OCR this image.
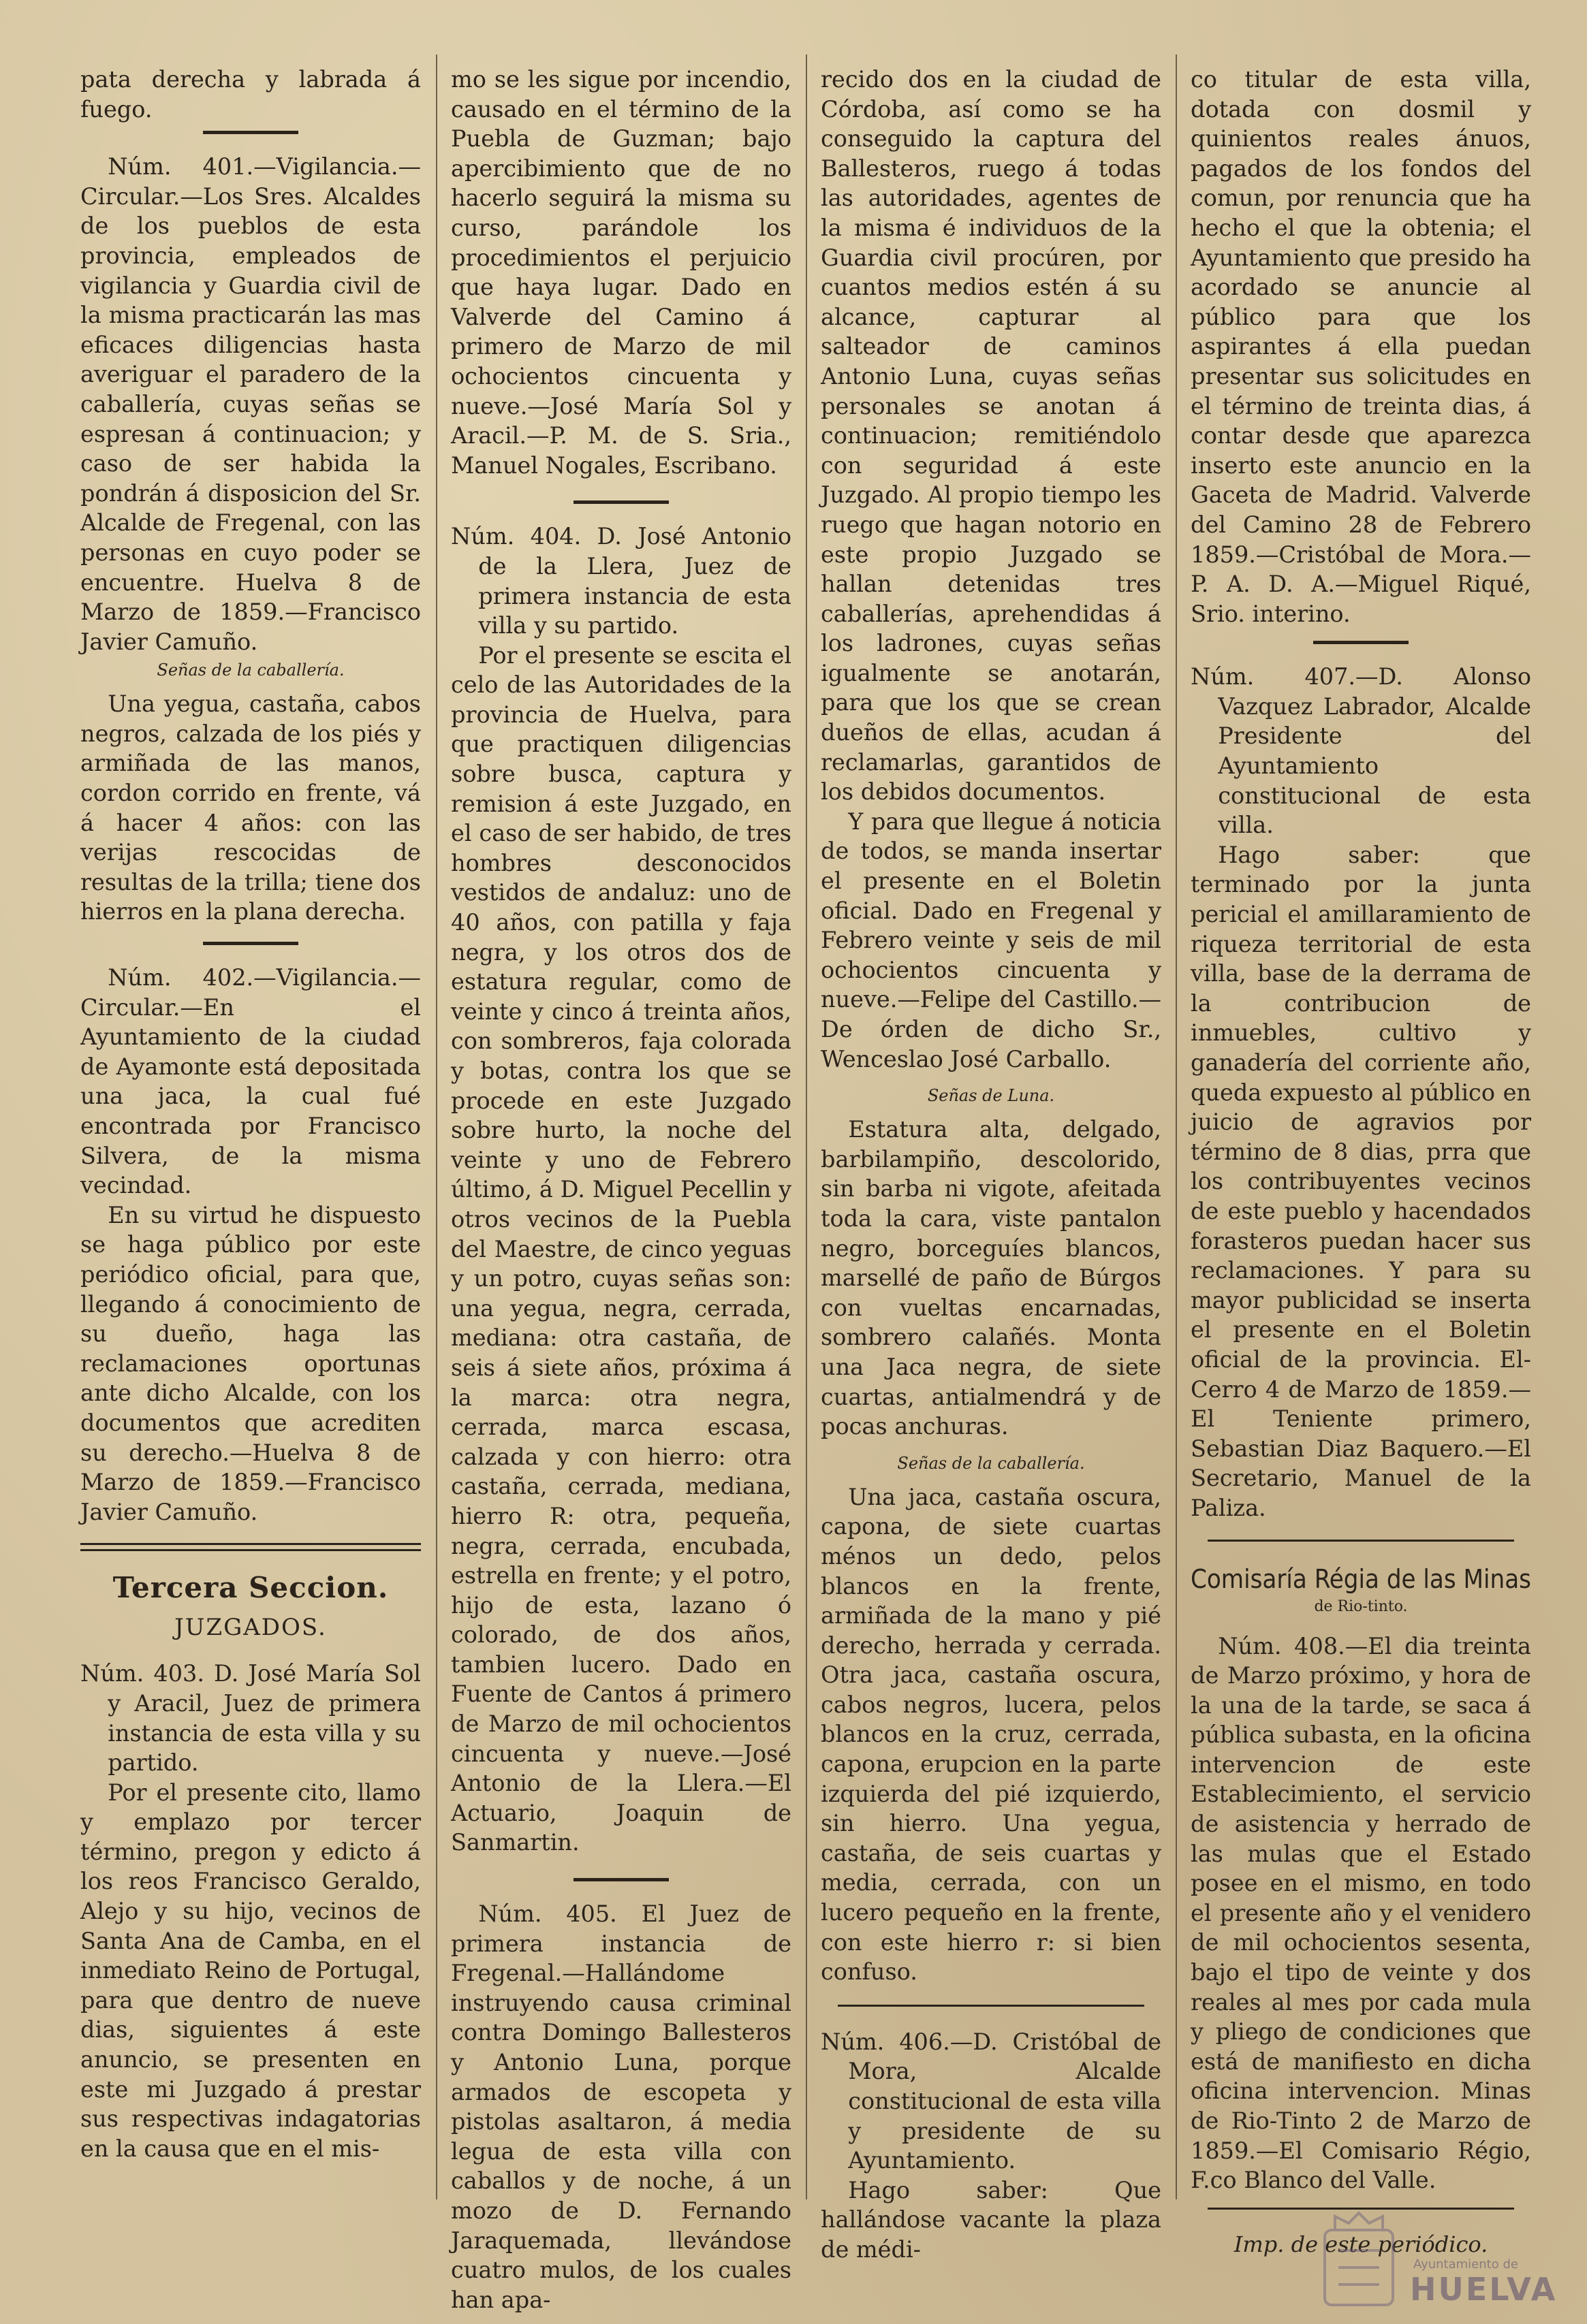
pata derecha y labrada á fuego.

Núm. 401.—Vigilancia.—Circular.—Los Sres. Alcaldes de los pueblos de esta provincia, empleados de vigilancia y Guardia civil de la misma practicarán las mas eficaces diligencias hasta averiguar el paradero de la caballería, cuyas señas se espresan á continuacion; y caso de ser habida la pondrán á disposicion del Sr. Alcalde de Fregenal, con las personas en cuyo poder se encuentre. Huelva 8 de Marzo de 1859.—Francisco Javier Camuño.

Señas de la caballería.

Una yegua, castaña, cabos negros, calzada de los piés y armiñada de las manos, cordon corrido en frente, vá á hacer 4 años: con las verijas rescocidas de resultas de la trilla; tiene dos hierros en la plana derecha.

Núm. 402.—Vigilancia.—Circular.—En el Ayuntamiento de la ciudad de Ayamonte está depositada una jaca, la cual fué encontrada por Francisco Silvera, de la misma vecindad.

En su virtud he dispuesto se haga público por este periódico oficial, para que, llegando á conocimiento de su dueño, haga las reclamaciones oportunas ante dicho Alcalde, con los documentos que acrediten su derecho.—Huelva 8 de Marzo de 1859.—Francisco Javier Camuño.

Tercera Seccion.

JUZGADOS.

Núm. 403. D. José María Sol y Aracil, Juez de primera instancia de esta villa y su partido.

Por el presente cito, llamo y emplazo por tercer término, pregon y edicto á los reos Francisco Geraldo, Alejo y su hijo, vecinos de Santa Ana de Camba, en el inmediato Reino de Portugal, para que dentro de nueve dias, siguientes á este anuncio, se presenten en este mi Juzgado á prestar sus respectivas indagatorias en la causa que en el mis-

mo se les sigue por incendio, causado en el término de la Puebla de Guzman; bajo apercibimiento que de no hacerlo seguirá la misma su curso, parándole los procedimientos el perjuicio que haya lugar. Dado en Valverde del Camino á primero de Marzo de mil ochocientos cincuenta y nueve.—José María Sol y Aracil.—P. M. de S. Sria., Manuel Nogales, Escribano.

Núm. 404. D. José Antonio de la Llera, Juez de primera instancia de esta villa y su partido.

Por el presente se escita el celo de las Autoridades de la provincia de Huelva, para que practiquen diligencias sobre busca, captura y remision á este Juzgado, en el caso de ser habido, de tres hombres desconocidos vestidos de andaluz: uno de 40 años, con patilla y faja negra, y los otros dos de estatura regular, como de veinte y cinco á treinta años, con sombreros, faja colorada y botas, contra los que se procede en este Juzgado sobre hurto, la noche del veinte y uno de Febrero último, á D. Miguel Pecellin y otros vecinos de la Puebla del Maestre, de cinco yeguas y un potro, cuyas señas son: una yegua, negra, cerrada, mediana: otra castaña, de seis á siete años, próxima á la marca: otra negra, cerrada, marca escasa, calzada y con hierro: otra castaña, cerrada, mediana, hierro R: otra, pequeña, negra, cerrada, encubada, estrella en frente; y el potro, hijo de esta, lazano ó colorado, de dos años, tambien lucero. Dado en Fuente de Cantos á primero de Marzo de mil ochocientos cincuenta y nueve.—José Antonio de la Llera.—El Actuario, Joaquin de Sanmartin.

Núm. 405. El Juez de primera instancia de Fregenal.—Hallándome instruyendo causa criminal contra Domingo Ballesteros y Antonio Luna, porque armados de escopeta y pistolas asaltaron, á media legua de esta villa con caballos y de noche, á un mozo de D. Fernando Jaraquemada, llevándose cuatro mulos, de los cuales han apa-

recido dos en la ciudad de Córdoba, así como se ha conseguido la captura del Ballesteros, ruego á todas las autoridades, agentes de la misma é individuos de la Guardia civil procúren, por cuantos medios estén á su alcance, capturar al salteador de caminos Antonio Luna, cuyas señas personales se anotan á continuacion; remitiéndolo con seguridad á este Juzgado. Al propio tiempo les ruego que hagan notorio en este propio Juzgado se hallan detenidas tres caballerías, aprehendidas á los ladrones, cuyas señas igualmente se anotarán, para que los que se crean dueños de ellas, acudan á reclamarlas, garantidos de los debidos documentos.

Y para que llegue á noticia de todos, se manda insertar el presente en el Boletin oficial. Dado en Fregenal y Febrero veinte y seis de mil ochocientos cincuenta y nueve.—Felipe del Castillo.—De órden de dicho Sr., Wenceslao José Carballo.

Señas de Luna.

Estatura alta, delgado, barbilampiño, descolorido, sin barba ni vigote, afeitada toda la cara, viste pantalon negro, borceguíes blancos, marsellé de paño de Búrgos con vueltas encarnadas, sombrero calañés. Monta una Jaca negra, de siete cuartas, antialmendrá y de pocas anchuras.

Señas de la caballería.

Una jaca, castaña oscura, capona, de siete cuartas ménos un dedo, pelos blancos en la frente, armiñada de la mano y pié derecho, herrada y cerrada. Otra jaca, castaña oscura, cabos negros, lucera, pelos blancos en la cruz, cerrada, capona, erupcion en la parte izquierda del pié izquierdo, sin hierro. Una yegua, castaña, de seis cuartas y media, cerrada, con un lucero pequeño en la frente, con este hierro r: si bien confuso.

Núm. 406.—D. Cristóbal de Mora, Alcalde constitucional de esta villa y presidente de su Ayuntamiento.

Hago saber: Que hallándose vacante la plaza de médi-

co titular de esta villa, dotada con dosmil y quinientos reales ánuos, pagados de los fondos del comun, por renuncia que ha hecho el que la obtenia; el Ayuntamiento que presido ha acordado se anuncie al público para que los aspirantes á ella puedan presentar sus solicitudes en el término de treinta dias, á contar desde que aparezca inserto este anuncio en la Gaceta de Madrid. Valverde del Camino 28 de Febrero 1859.—Cristóbal de Mora.—P. A. D. A.—Miguel Riqué, Srio. interino.

Núm. 407.—D. Alonso Vazquez Labrador, Alcalde Presidente del Ayuntamiento constitucional de esta villa.

Hago saber: que terminado por la junta pericial el amillaramiento de riqueza territorial de esta villa, base de la derrama de la contribucion de inmuebles, cultivo y ganadería del corriente año, queda expuesto al público en juicio de agravios por término de 8 dias, prra que los contribuyentes vecinos de este pueblo y hacendados forasteros puedan hacer sus reclamaciones. Y para su mayor publicidad se inserta el presente en el Boletin oficial de la provincia. El-Cerro 4 de Marzo de 1859.—El Teniente primero, Sebastian Diaz Baquero.—El Secretario, Manuel de la Paliza.

Comisaría Régia de las Minas

de Rio-tinto.

Núm. 408.—El dia treinta de Marzo próximo, y hora de la una de la tarde, se saca á pública subasta, en la oficina intervencion de este Establecimiento, el servicio de asistencia y herrado de las mulas que el Estado posee en el mismo, en todo el presente año y el venidero de mil ochocientos sesenta, bajo el tipo de veinte y dos reales al mes por cada mula y pliego de condiciones que está de manifiesto en dicha oficina intervencion. Minas de Rio-Tinto 2 de Marzo de 1859.—El Comisario Régio, F.co Blanco del Valle.

Imp. de este periódico.

Ayuntamiento de
HUELVA
